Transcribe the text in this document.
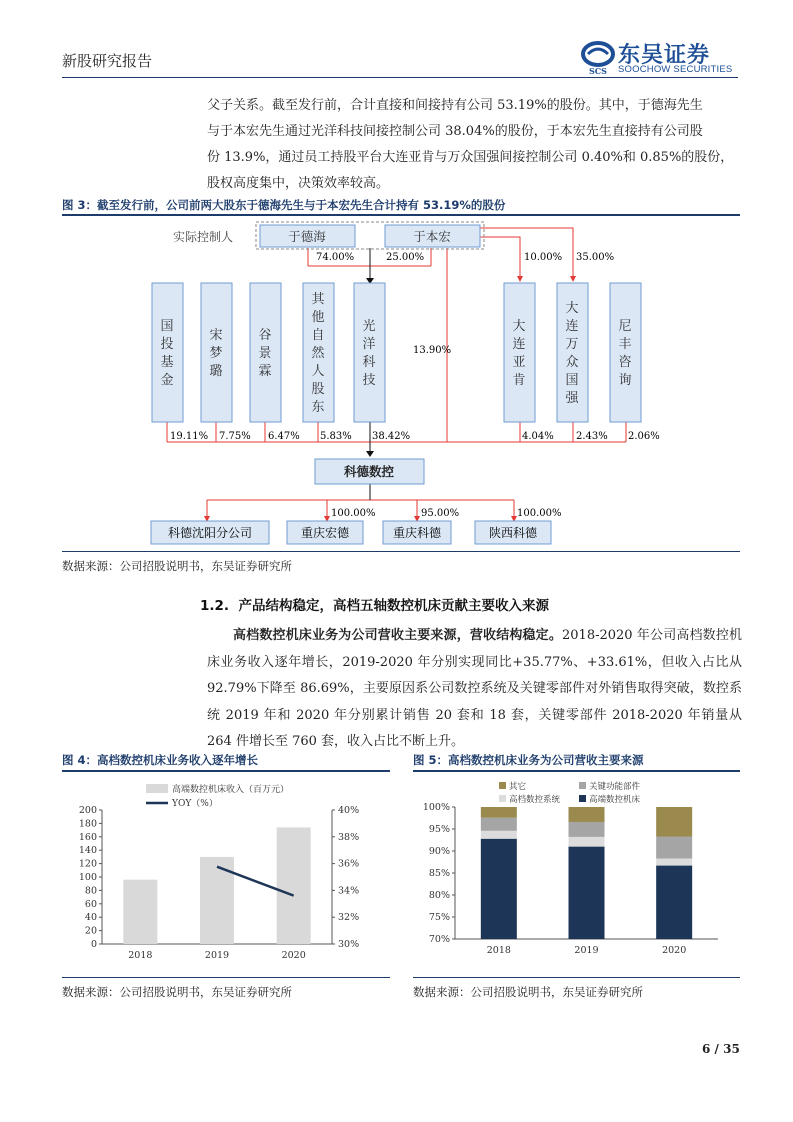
新股研究报告
SCS
东吴证券
SOOCHOW SECURITIES

父子关系。截至发行前，合计直接和间接持有公司 53.19%的股份。其中，于德海先生

与于本宏先生通过光洋科技间接控制公司 38.04%的股份，于本宏先生直接持有公司股

份 13.9%，通过员工持股平台大连亚肯与万众国强间接控制公司 0.40%和 0.85%的股份，

股权高度集中，决策效率较高。

图 3：截至发行前，公司前两大股东于德海先生与于本宏先生合计持有 53.19%的股份
实际控制人	于德海	于本宏
74.00%	25.00%	10.00% 35.00%
13.90%
国
投
基
金
宋
梦
璐
谷
景
霖
其
他
自
然
人
股
东
光
洋
科
技
大
连
亚
肯
大
连
万
众
国
强
尼
丰
咨
询
19.11% 7.75% 6.47% 5.83% 38.42%	4.04% 2.43% 2.06%
科德数控
100.00%	95.00%	100.00%
科德沈阳分公司	重庆宏德	重庆科德	陕西科德
数据来源：公司招股说明书，东吴证券研究所
1.2. 产品结构稳定，高档五轴数控机床贡献主要收入来源

高档数控机床业务为公司营收主要来源，营收结构稳定。2018-2020 年公司高档数控机床业务收入逐年增长，2019-2020 年分别实现同比+35.77%、+33.61%，但收入占比从 92.79%下降至 86.69%，主要原因系公司数控系统及关键零部件对外销售取得突破，数控系统 2019 年和 2020 年分别累计销售 20 套和 18 套，关键零部件 2018-2020 年销量从 264 件增长至 760 套，收入占比不断上升。

图 4：高档数控机床业务收入逐年增长	图 5：高档数控机床业务为公司营收主要来源
高端数控机床收入（百万元）
YOY（%）
0
20
40
60
80
100
120
140
160
180
200
30%
32%
34%
36%
38%
40%
2018	2019	2020
其它	关键功能部件
高档数控系统	高端数控机床
70%
75%
80%
85%
90%
95%
100%
2018	2019	2020
数据来源：公司招股说明书，东吴证券研究所	数据来源：公司招股说明书，东吴证券研究所
6 / 35
